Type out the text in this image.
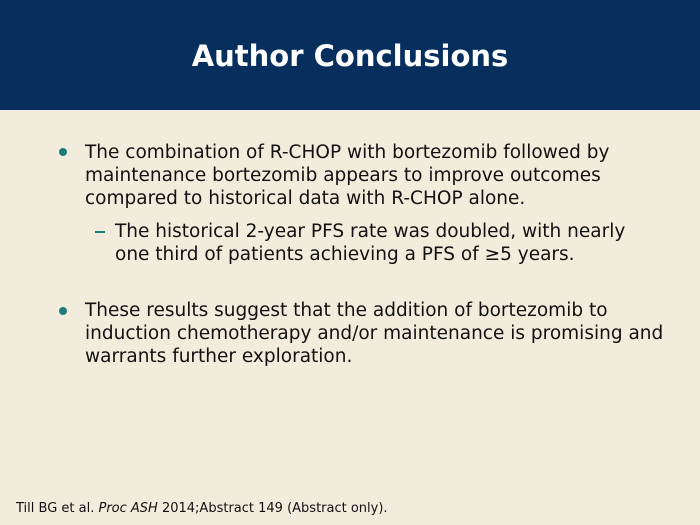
Author Conclusions
The combination of R-CHOP with bortezomib followed by maintenance bortezomib appears to improve outcomes compared to historical data with R-CHOP alone.
The historical 2-year PFS rate was doubled, with nearly one third of patients achieving a PFS of ≥5 years.
These results suggest that the addition of bortezomib to induction chemotherapy and/or maintenance is promising and warrants further exploration.
Till BG et al. Proc ASH 2014;Abstract 149 (Abstract only).
